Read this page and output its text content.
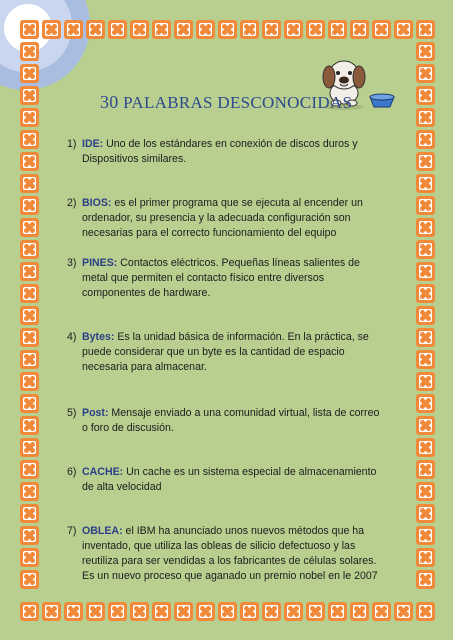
30 PALABRAS DESCONOCIDAS
1) IDE: Uno de los estándares en conexión de discos duros y Dispositivos similares.
2) BIOS: es el primer programa que se ejecuta al encender un ordenador, su presencia y la adecuada configuración son necesarias para el correcto funcionamiento del equipo
3) PINES: Contactos eléctricos. Pequeñas líneas salientes de metal que permiten el contacto físico entre diversos componentes de hardware.
4) Bytes: Es la unidad básica de información. En la práctica, se puede considerar que un byte es la cantidad de espacio necesaria para almacenar.
5) Post: Mensaje enviado a una comunidad virtual, lista de correo o foro de discusión.
6) CACHE: Un cache es un sistema especial de almacenamiento de alta velocidad
7) OBLEA: el IBM ha anunciado unos nuevos métodos que ha inventado, que utiliza las obleas de silicio defectuoso y las reutiliza para ser vendidas a los fabricantes de células solares. Es un nuevo proceso que aganado un premio nobel en le 2007
